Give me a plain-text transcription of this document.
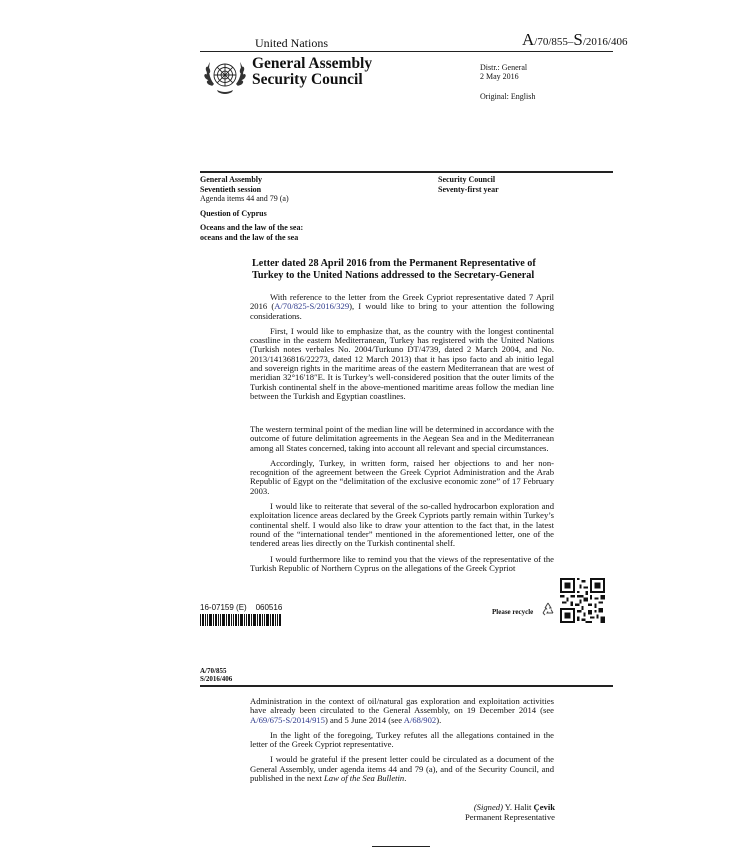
United Nations	A/70/855–S/2016/406
General Assembly
Security Council
Distr.: General
2 May 2016
Original: English
General Assembly
Seventieth session
Agenda items 44 and 79 (a)
Question of Cyprus
Oceans and the law of the sea:
oceans and the law of the sea
Security Council
Seventy-first year
Letter dated 28 April 2016 from the Permanent Representative of
Turkey to the United Nations addressed to the Secretary-General

With reference to the letter from the Greek Cypriot representative dated 7 April 2016 (A/70/825-S/2016/329), I would like to bring to your attention the following considerations.

First, I would like to emphasize that, as the country with the longest continental coastline in the eastern Mediterranean, Turkey has registered with the United Nations (Turkish notes verbales No. 2004/Turkuno DT/4739, dated 2 March 2004, and No. 2013/14136816/22273, dated 12 March 2013) that it has ipso facto and ab initio legal and sovereign rights in the maritime areas of the eastern Mediterranean that are west of meridian 32°16′18″E. It is Turkey’s well-considered position that the outer limits of the Turkish continental shelf in the above-mentioned maritime areas follow the median line between the Turkish and Egyptian coastlines.

The western terminal point of the median line will be determined in accordance with the outcome of future delimitation agreements in the Aegean Sea and in the Mediterranean among all States concerned, taking into account all relevant and special circumstances.

Accordingly, Turkey, in written form, raised her objections to and her non-recognition of the agreement between the Greek Cypriot Administration and the Arab Republic of Egypt on the “delimitation of the exclusive economic zone” of 17 February 2003.

I would like to reiterate that several of the so-called hydrocarbon exploration and exploitation licence areas declared by the Greek Cypriots partly remain within Turkey’s continental shelf. I would also like to draw your attention to the fact that, in the latest round of the “international tender” mentioned in the aforementioned letter, one of the tendered areas lies directly on the Turkish continental shelf.

I would furthermore like to remind you that the views of the representative of the Turkish Republic of Northern Cyprus on the allegations of the Greek Cypriot

16-07159 (E)    060516	Please recycle
A/70/855
S/2016/406

Administration in the context of oil/natural gas exploration and exploitation activities have already been circulated to the General Assembly, on 19 December 2014 (see A/69/675-S/2014/915) and 5 June 2014 (see A/68/902).

In the light of the foregoing, Turkey refutes all the allegations contained in the letter of the Greek Cypriot representative.

I would be grateful if the present letter could be circulated as a document of the General Assembly, under agenda items 44 and 79 (a), and of the Security Council, and published in the next Law of the Sea Bulletin.

(Signed) Y. Halit Çevik
Permanent Representative
